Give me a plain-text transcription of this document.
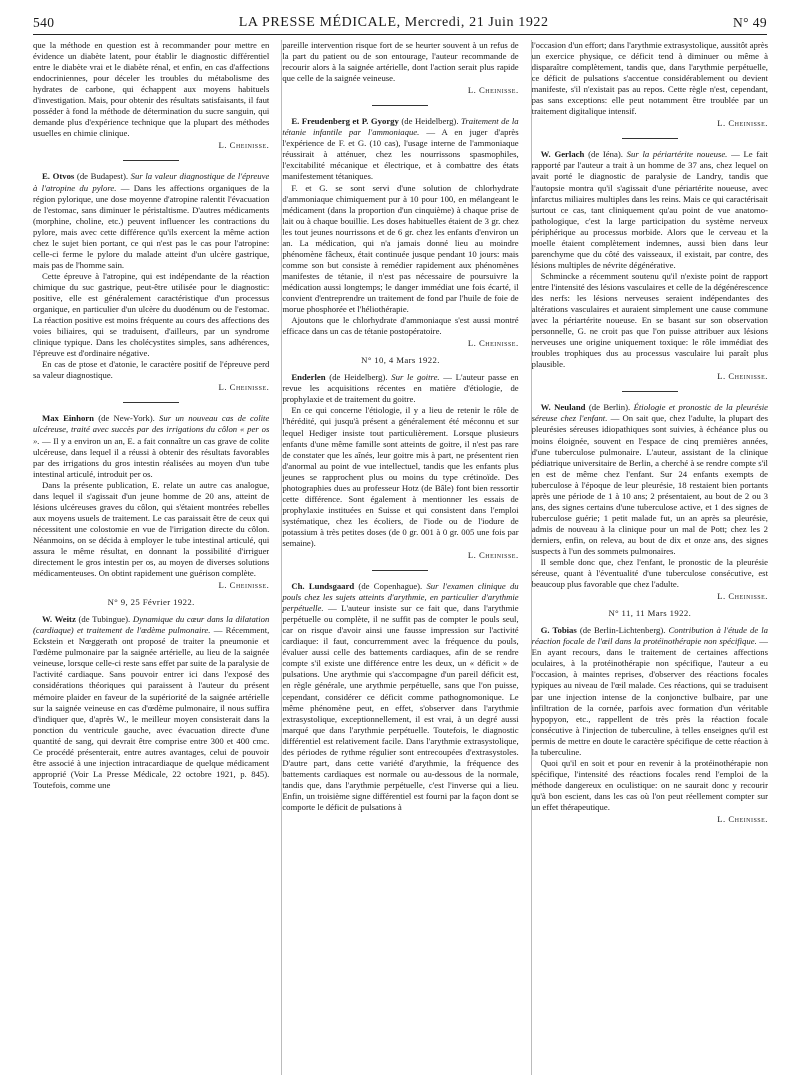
540	LA PRESSE MÉDICALE, Mercredi, 21 Juin 1922	N° 49

que la méthode en question est à recommander pour mettre en évidence un diabète latent, pour établir le diagnostic différentiel entre le diabète vrai et le diabète rénal, et enfin, en cas d'affections endocriniennes, pour déceler les troubles du métabolisme des hydrates de carbone, qui échappent aux moyens habituels d'investigation. Mais, pour obtenir des résultats satisfaisants, il faut posséder à fond la méthode de détermination du sucre sanguin, qui demande plus d'expérience technique que la plupart des méthodes usuelles en chimie clinique.

L. Cheinisse.

E. Otvos (de Budapest). Sur la valeur diagnostique de l'épreuve à l'atropine du pylore. — Dans les affections organiques de la région pylorique, une dose moyenne d'atropine ralentit l'évacuation de l'estomac, sans diminuer le péristaltisme. D'autres médicaments (morphine, choline, etc.) peuvent influencer les contractions du pylore, mais avec cette différence qu'ils exercent la même action chez le sujet bien portant, ce qui n'est pas le cas pour l'atropine: celle-ci ferme le pylore du malade atteint d'un ulcère gastrique, mais pas de l'homme sain.

Cette épreuve à l'atropine, qui est indépendante de la réaction chimique du suc gastrique, peut-être utilisée pour le diagnostic: positive, elle est généralement caractéristique d'un processus organique, en particulier d'un ulcère du duodénum ou de l'estomac. La réaction positive est moins fréquente au cours des affections des voies biliaires, qui se traduisent, d'ailleurs, par un syndrome clinique typique. Dans les cholécystites simples, sans adhérences, l'épreuve est d'ordinaire négative.

En cas de ptose et d'atonie, le caractère positif de l'épreuve perd sa valeur diagnostique.

L. Cheinisse.

Max Einhorn (de New-York). Sur un nouveau cas de colite ulcéreuse, traité avec succès par des irrigations du côlon « per os ». — Il y a environ un an, E. a fait connaître un cas grave de colite ulcéreuse, dans lequel il a réussi à obtenir des résultats favorables par des irrigations du gros intestin réalisées au moyen d'un tube intestinal articulé, introduit per os.

Dans la présente publication, E. relate un autre cas analogue, dans lequel il s'agissait d'un jeune homme de 20 ans, atteint de lésions ulcéreuses graves du côlon, qui s'étaient montrées rebelles aux moyens usuels de traitement. Le cas paraissait être de ceux qui nécessitent une colostomie en vue de l'irrigation directe du côlon. Néanmoins, on se décida à employer le tube intestinal articulé, qui assura le même résultat, en donnant la possibilité d'irriguer directement le gros intestin per os, au moyen de diverses solutions médicamenteuses. On obtint rapidement une guérison complète.

L. Cheinisse.
N° 9, 25 Février 1922.

W. Weitz (de Tubingue). Dynamique du cœur dans la dilatation (cardiaque) et traitement de l'œdème pulmonaire. — Récemment, Eckstein et Nœggerath ont proposé de traiter la pneumonie et l'œdème pulmonaire par la saignée artérielle, au lieu de la saignée veineuse, lorsque celle-ci reste sans effet par suite de la paralysie de l'activité cardiaque. Sans pouvoir entrer ici dans l'exposé des considérations théoriques qui paraissent à l'auteur du présent mémoire plaider en faveur de la supériorité de la saignée artérielle sur la saignée veineuse en cas d'œdème pulmonaire, il nous suffira d'indiquer que, d'après W., le meilleur moyen consisterait dans la ponction du ventricule gauche, avec évacuation directe d'une quantité de sang, qui devrait être comprise entre 300 et 400 cmc. Ce procédé présenterait, entre autres avantages, celui de pouvoir être associé à une injection intracardiaque de quelque médicament approprié (Voir La Presse Médicale, 22 octobre 1921, p. 845). Toutefois, comme une

pareille intervention risque fort de se heurter souvent à un refus de la part du patient ou de son entourage, l'auteur recommande de recourir alors à la saignée artérielle, dont l'action serait plus rapide que celle de la saignée veineuse.

L. Cheinisse.

E. Freudenberg et P. Gyorgy (de Heidelberg). Traitement de la tétanie infantile par l'ammoniaque. — A en juger d'après l'expérience de F. et G. (10 cas), l'usage interne de l'ammoniaque réussirait à atténuer, chez les nourrissons spasmophiles, l'excitabilité mécanique et électrique, et à combattre des états manifestement tétaniques.

F. et G. se sont servi d'une solution de chlorhydrate d'ammoniaque chimiquement pur à 10 pour 100, en mélangeant le médicament (dans la proportion d'un cinquième) à chaque prise de lait ou à chaque bouillie. Les doses habituelles étaient de 3 gr. chez les tout jeunes nourrissons et de 6 gr. chez les enfants d'environ un an. La médication, qui n'a jamais donné lieu au moindre phénomène fâcheux, était continuée jusque pendant 10 jours: mais comme son but consiste à remédier rapidement aux phénomènes manifestes de tétanie, il n'est pas nécessaire de poursuivre la médication aussi longtemps; le danger immédiat une fois écarté, il convient d'entreprendre un traitement de fond par l'huile de foie de morue phosphorée et l'héliothérapie.

Ajoutons que le chlorhydrate d'ammoniaque s'est aussi montré efficace dans un cas de tétanie postopératoire.

L. Cheinisse.
N° 10, 4 Mars 1922.

Enderlen (de Heidelberg). Sur le goitre. — L'auteur passe en revue les acquisitions récentes en matière d'étiologie, de prophylaxie et de traitement du goitre.

En ce qui concerne l'étiologie, il y a lieu de retenir le rôle de l'hérédité, qui jusqu'à présent a généralement été méconnu et sur lequel Hediger insiste tout particulièrement. Lorsque plusieurs enfants d'une même famille sont atteints de goitre, il n'est pas rare de constater que les aînés, leur goitre mis à part, ne présentent rien d'anormal au point de vue intellectuel, tandis que les enfants plus jeunes se rapprochent plus ou moins du type crétinoïde. Des photographies dues au professeur Hotz (de Bâle) font bien ressortir cette différence. Sont également à mentionner les essais de prophylaxie instituées en Suisse et qui consistent dans l'emploi systématique, chez les écoliers, de l'iode ou de l'iodure de potassium à très petites doses (de 0 gr. 001 à 0 gr. 005 une fois par semaine).

L. Cheinisse.

Ch. Lundsgaard (de Copenhague). Sur l'examen clinique du pouls chez les sujets atteints d'arythmie, en particulier d'arythmie perpétuelle. — L'auteur insiste sur ce fait que, dans l'arythmie perpétuelle ou complète, il ne suffit pas de compter le pouls seul, car on risque d'avoir ainsi une fausse impression sur l'activité cardiaque: il faut, concurremment avec la fréquence du pouls, évaluer aussi celle des battements cardiaques, afin de se rendre compte s'il existe une différence entre les deux, un « déficit » de pulsations. Une arythmie qui s'accompagne d'un pareil déficit est, en règle générale, une arythmie perpétuelle, sans que l'on puisse, cependant, considérer ce déficit comme pathognomonique. Le même phénomène peut, en effet, s'observer dans l'arythmie extrasystolique, exceptionnellement, il est vrai, à un degré aussi marqué que dans l'arythmie perpétuelle. Toutefois, le diagnostic différentiel est relativement facile. Dans l'arythmie extrasystolique, des périodes de rythme régulier sont entrecoupées d'extrasystoles. D'autre part, dans cette variété d'arythmie, la fréquence des battements cardiaques est normale ou au-dessous de la normale, tandis que, dans l'arythmie perpétuelle, c'est l'inverse qui a lieu. Enfin, un troisième signe différentiel est fourni par la façon dont se comporte le déficit de pulsations à

l'occasion d'un effort; dans l'arythmie extrasystolique, aussitôt après un exercice physique, ce déficit tend à diminuer ou même à disparaître complètement, tandis que, dans l'arythmie perpétuelle, ce déficit de pulsations s'accentue considérablement ou devient manifeste, s'il n'existait pas au repos. Cette règle n'est, cependant, pas sans exceptions: elle peut notamment être troublée par un traitement digitalique intensif.

L. Cheinisse.

W. Gerlach (de Iéna). Sur la périartérite noueuse. — Le fait rapporté par l'auteur a trait à un homme de 37 ans, chez lequel on avait porté le diagnostic de paralysie de Landry, tandis que l'autopsie montra qu'il s'agissait d'une périartérite noueuse, avec infarctus miliaires multiples dans les reins. Mais ce qui caractérisait surtout ce cas, tant cliniquement qu'au point de vue anatomo-pathologique, c'est la large participation du système nerveux périphérique au processus morbide. Alors que le cerveau et la moelle étaient complètement indemnes, aussi bien dans leur parenchyme que du côté des vaisseaux, il existait, par contre, des lésions multiples de névrite dégénérative.

Schmincke a récemment soutenu qu'il n'existe point de rapport entre l'intensité des lésions vasculaires et celle de la dégénérescence des nerfs: les lésions nerveuses seraient indépendantes des altérations vasculaires et auraient simplement une cause commune avec la périartérite noueuse. En se basant sur son observation personnelle, G. ne croit pas que l'on puisse attribuer aux lésions nerveuses une origine uniquement toxique: le rôle immédiat des troubles trophiques dus au processus vasculaire lui paraît plus plausible.

L. Cheinisse.

W. Neuland (de Berlin). Étiologie et pronostic de la pleurésie séreuse chez l'enfant. — On sait que, chez l'adulte, la plupart des pleurésies séreuses idiopathiques sont suivies, à échéance plus ou moins éloignée, souvent en l'espace de cinq premières années, d'une tuberculose pulmonaire. L'auteur, assistant de la clinique pédiatrique universitaire de Berlin, a cherché à se rendre compte s'il en est de même chez l'enfant. Sur 24 enfants exempts de tuberculose à l'époque de leur pleurésie, 18 restaient bien portants après une période de 1 à 10 ans; 2 présentaient, au bout de 2 ou 3 ans, des signes certains d'une tuberculose active, et 1 des signes de tuberculose guérie; 1 petit malade fut, un an après sa pleurésie, admis de nouveau à la clinique pour un mal de Pott; chez les 2 derniers, enfin, on releva, au bout de dix et onze ans, des signes suspects à l'un des sommets pulmonaires.

Il semble donc que, chez l'enfant, le pronostic de la pleurésie séreuse, quant à l'éventualité d'une tuberculose consécutive, est beaucoup plus favorable que chez l'adulte.

L. Cheinisse.
N° 11, 11 Mars 1922.

G. Tobias (de Berlin-Lichtenberg). Contribution à l'étude de la réaction focale de l'œil dans la protéinothérapie non spécifique. — En ayant recours, dans le traitement de certaines affections oculaires, à la protéinothérapie non spécifique, l'auteur a eu l'occasion, à maintes reprises, d'observer des réactions focales typiques au niveau de l'œil malade. Ces réactions, qui se traduisent par une injection intense de la conjonctive bulbaire, par une infiltration de la cornée, parfois avec formation d'un véritable hypopyon, etc., rappellent de très près la réaction focale consécutive à l'injection de tuberculine, à telles enseignes qu'il est permis de mettre en doute le caractère spécifique de cette réaction à la tuberculine.

Quoi qu'il en soit et pour en revenir à la protéinothérapie non spécifique, l'intensité des réactions focales rend l'emploi de la méthode dangereux en oculistique: on ne saurait donc y recourir qu'à bon escient, dans les cas où l'on peut réellement compter sur un effet thérapeutique.

L. Cheinisse.
